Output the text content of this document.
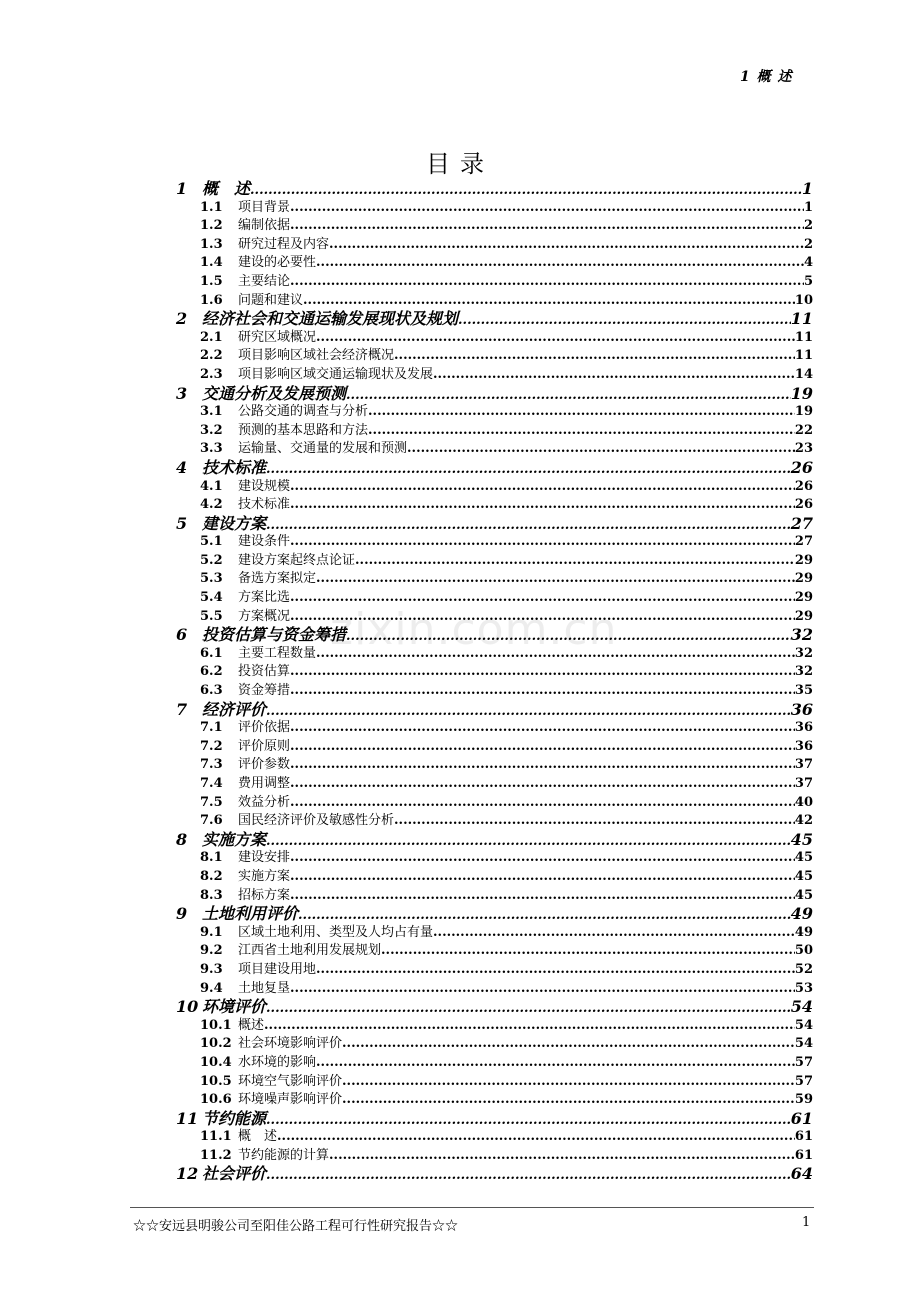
1 概 述
目录
zixin.com.cn
1 概　述 .....	1
1.1	项目背景 .....	1
1.2	编制依据 .....	2
1.3	研究过程及内容 .....	2
1.4	建设的必要性 .....	4
1.5	主要结论 .....	5
1.6	问题和建议 .....	10
2 经济社会和交通运输发展现状及规划 .....	11
2.1	研究区域概况 .....	11
2.2	项目影响区域社会经济概况 .....	11
2.3	项目影响区域交通运输现状及发展 .....	14
3 交通分析及发展预测 .....	19
3.1	公路交通的调查与分析 .....	19
3.2	预测的基本思路和方法 .....	22
3.3	运输量、交通量的发展和预测 .....	23
4 技术标准 .....	26
4.1	建设规模 .....	26
4.2	技术标准 .....	26
5 建设方案 .....	27
5.1	建设条件 .....	27
5.2	建设方案起终点论证 .....	29
5.3	备选方案拟定 .....	29
5.4	方案比选 .....	29
5.5	方案概况 .....	29
6 投资估算与资金筹措 .....	32
6.1	主要工程数量 .....	32
6.2	投资估算 .....	32
6.3	资金筹措 .....	35
7 经济评价 .....	36
7.1	评价依据 .....	36
7.2	评价原则 .....	36
7.3	评价参数 .....	37
7.4	费用调整 .....	37
7.5	效益分析 .....	40
7.6	国民经济评价及敏感性分析 .....	42
8 实施方案 .....	45
8.1	建设安排 .....	45
8.2	实施方案 .....	45
8.3	招标方案 .....	45
9 土地利用评价 .....	49
9.1	区域土地利用、类型及人均占有量 .....	49
9.2	江西省土地利用发展规划 .....	50
9.3	项目建设用地 .....	52
9.4	土地复垦 .....	53
10 环境评价 .....	54
10.1 概述 .....	54
10.2 社会环境影响评价 .....	54
10.4 水环境的影响 .....	57
10.5 环境空气影响评价 .....	57
10.6 环境噪声影响评价 .....	59
11 节约能源 .....	61
11.1 概　述 .....	61
11.2 节约能源的计算 .....	61
12 社会评价 .....	64
☆☆安远县明骏公司至阳佳公路工程可行性研究报告☆☆	1
